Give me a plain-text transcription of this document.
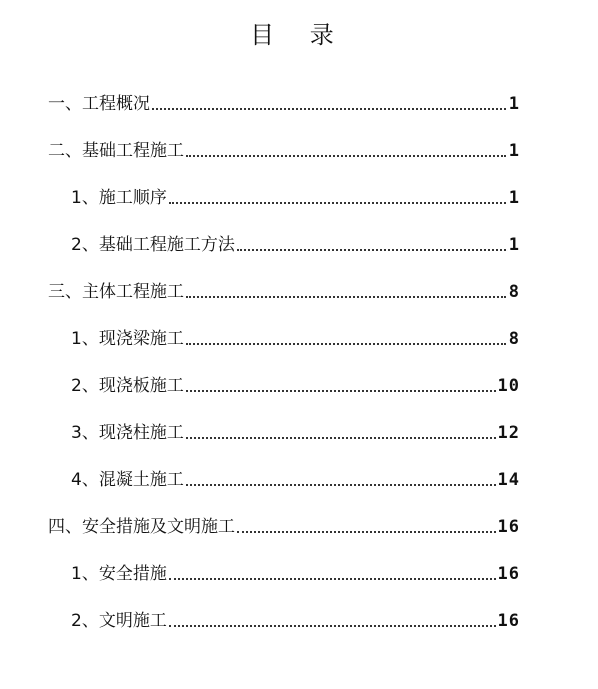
目 录
一、工程概况	1
二、基础工程施工	1
1、施工顺序	1
2、基础工程施工方法	1
三、主体工程施工	8
1、现浇梁施工	8
2、现浇板施工	10
3、现浇柱施工	12
4、混凝土施工	14
四、安全措施及文明施工	16
1、安全措施	16
2、文明施工	16
